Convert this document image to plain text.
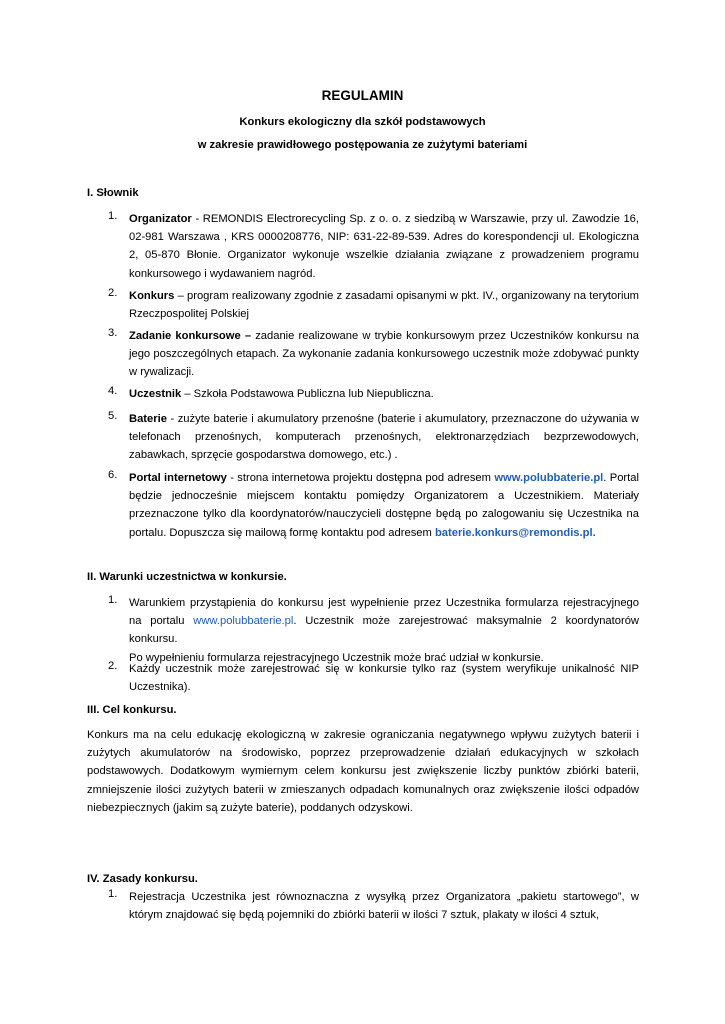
REGULAMIN
Konkurs ekologiczny dla szkół podstawowych
w zakresie prawidłowego postępowania ze zużytymi bateriami
I. Słownik
1. Organizator - REMONDIS Electrorecycling Sp. z o. o. z siedzibą w Warszawie, przy ul. Zawodzie 16, 02-981 Warszawa , KRS 0000208776, NIP: 631-22-89-539. Adres do korespondencji ul. Ekologiczna 2, 05-870 Błonie. Organizator wykonuje wszelkie działania związane z prowadzeniem programu konkursowego i wydawaniem nagród.
2. Konkurs – program realizowany zgodnie z zasadami opisanymi w pkt. IV., organizowany na terytorium Rzeczpospolitej Polskiej
3. Zadanie konkursowe – zadanie realizowane w trybie konkursowym przez Uczestników konkursu na jego poszczególnych etapach. Za wykonanie zadania konkursowego uczestnik może zdobywać punkty w rywalizacji.
4. Uczestnik – Szkoła Podstawowa Publiczna lub Niepubliczna.
5. Baterie - zużyte baterie i akumulatory przenośne (baterie i akumulatory, przeznaczone do używania w telefonach przenośnych, komputerach przenośnych, elektronarzędziach bezprzewodowych, zabawkach, sprzęcie gospodarstwa domowego, etc.) .
6. Portal internetowy - strona internetowa projektu dostępna pod adresem www.polubbaterie.pl. Portal będzie jednocześnie miejscem kontaktu pomiędzy Organizatorem a Uczestnikiem. Materiały przeznaczone tylko dla koordynatorów/nauczycieli dostępne będą po zalogowaniu się Uczestnika na portalu. Dopuszcza się mailową formę kontaktu pod adresem baterie.konkurs@remondis.pl.
II. Warunki uczestnictwa w konkursie.
1. Warunkiem przystąpienia do konkursu jest wypełnienie przez Uczestnika formularza rejestracyjnego na portalu www.polubbaterie.pl. Uczestnik może zarejestrować maksymalnie 2 koordynatorów konkursu.

Po wypełnieniu formularza rejestracyjnego Uczestnik może brać udział w konkursie.
2. Każdy uczestnik może zarejestrować się w konkursie tylko raz (system weryfikuje unikalność NIP Uczestnika).
III. Cel konkursu.
Konkurs ma na celu edukację ekologiczną w zakresie ograniczania negatywnego wpływu zużytych baterii i zużytych akumulatorów na środowisko, poprzez przeprowadzenie działań edukacyjnych w szkołach podstawowych. Dodatkowym wymiernym celem konkursu jest zwiększenie liczby punktów zbiórki baterii, zmniejszenie ilości zużytych baterii w zmieszanych odpadach komunalnych oraz zwiększenie ilości odpadów niebezpiecznych (jakim są zużyte baterie), poddanych odzyskowi.
IV. Zasady konkursu.
1. Rejestracja Uczestnika jest równoznaczna z wysyłką przez Organizatora „pakietu startowego”, w którym znajdować się będą pojemniki do zbiórki baterii w ilości 7 sztuk, plakaty w ilości 4 sztuk,
